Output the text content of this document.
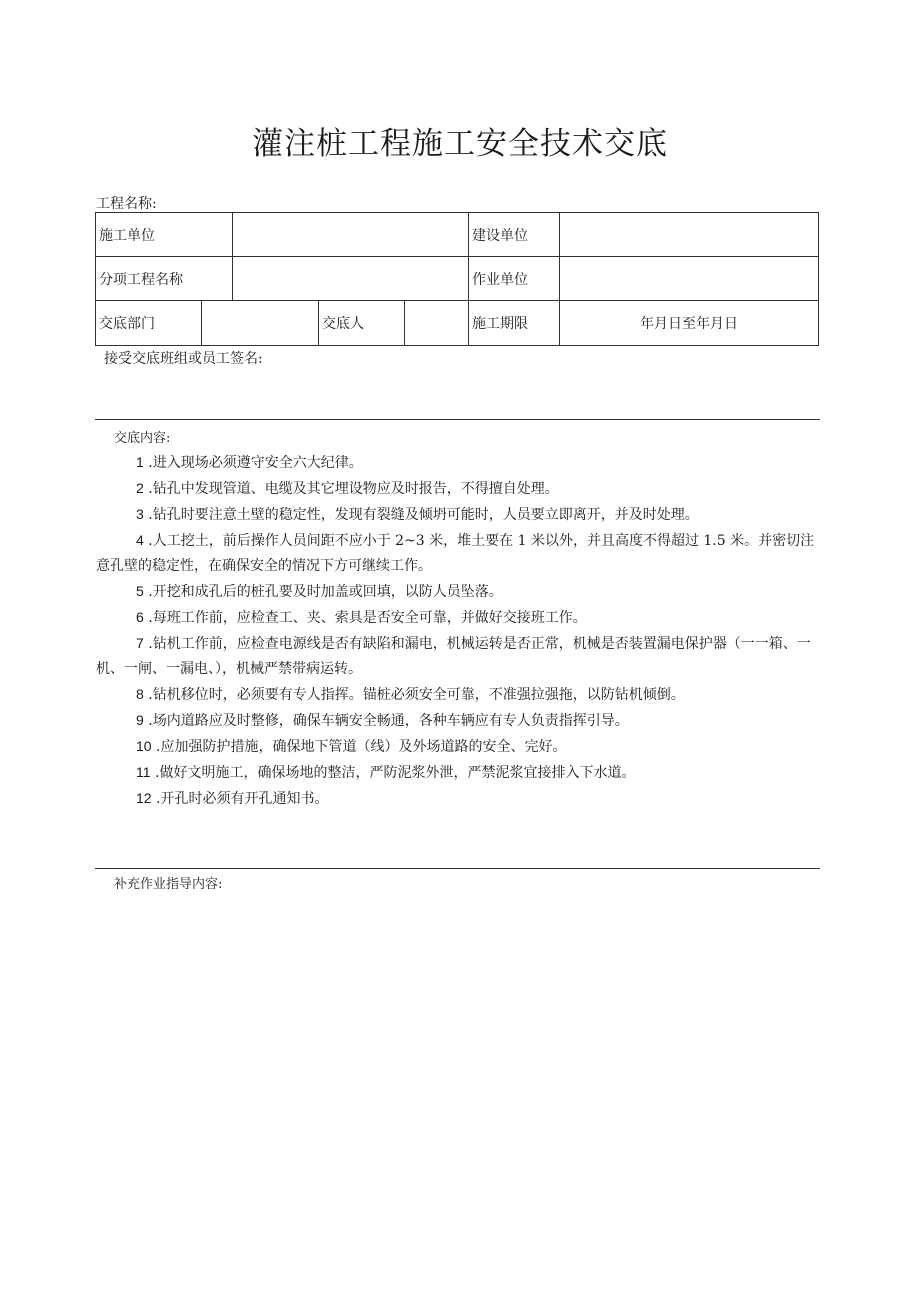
灌注桩工程施工安全技术交底
工程名称:
施工单位					建设单位	
分项工程名称					作业单位	
交底部门			交底人		施工期限	年月日至年月日
接受交底班组或员工签名:
交底内容:
1 .进入现场必须遵守安全六大纪律。
2 .钻孔中发现管道、电缆及其它埋设物应及时报告，不得擅自处理。
3 .钻孔时要注意土壁的稳定性，发现有裂缝及倾坍可能时，人员要立即离开，并及时处理。
4 .人工挖土，前后操作人员间距不应小于 2~3 米，堆土要在 1 米以外，并且高度不得超过 1.5 米。并密切注意孔壁的稳定性，在确保安全的情况下方可继续工作。
5 .开挖和成孔后的桩孔要及时加盖或回填，以防人员坠落。
6 .每班工作前，应检查工、夹、索具是否安全可靠，并做好交接班工作。
7 .钻机工作前，应检查电源线是否有缺陷和漏电，机械运转是否正常，机械是否装置漏电保护器（一一箱、一机、一闸、一漏电、），机械严禁带病运转。
8 .钻机移位时，必须要有专人指挥。锚桩必须安全可靠，不准强拉强拖，以防钻机倾倒。
9 .场内道路应及时整修，确保车辆安全畅通，各种车辆应有专人负责指挥引导。
10 .应加强防护措施，确保地下管道（线）及外场道路的安全、完好。
11 .做好文明施工，确保场地的整洁，严防泥浆外泄，严禁泥浆宜接排入下水道。
12 .开孔时必须有开孔通知书。
补充作业指导内容:
